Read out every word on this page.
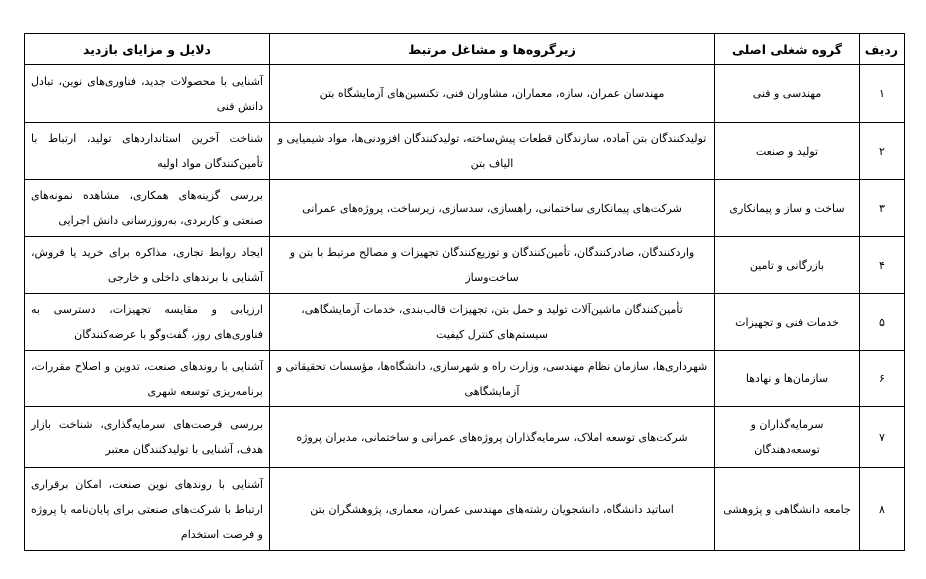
ردیف	گروه شغلی اصلی	زیرگروه‌ها و مشاغل مرتبط	دلایل و مزایای بازدید
۱	مهندسی و فنی	مهندسان عمران، سازه، معماران، مشاوران فنی، تکنسین‌های آزمایشگاه بتن	آشنایی با محصولات جدید، فناوری‌های نوین، تبادل دانش فنی
۲	تولید و صنعت	تولیدکنندگان بتن آماده، سازندگان قطعات پیش‌ساخته، تولیدکنندگان افزودنی‌ها، مواد شیمیایی و الیاف بتن	شناخت آخرین استانداردهای تولید، ارتباط با تأمین‌کنندگان مواد اولیه
۳	ساخت و ساز و پیمانکاری	شرکت‌های پیمانکاری ساختمانی، راهسازی، سدسازی، زیرساخت، پروژه‌های عمرانی	بررسی گزینه‌های همکاری، مشاهده نمونه‌های صنعتی و کاربردی، به‌روزرسانی دانش اجرایی
۴	بازرگانی و تامین	واردکنندگان، صادرکنندگان، تأمین‌کنندگان و توزیع‌کنندگان تجهیزات و مصالح مرتبط با بتن و ساخت‌وساز	ایجاد روابط تجاری، مذاکره برای خرید یا فروش، آشنایی با برندهای داخلی و خارجی
۵	خدمات فنی و تجهیزات	تأمین‌کنندگان ماشین‌آلات تولید و حمل بتن، تجهیزات قالب‌بندی، خدمات آزمایشگاهی، سیستم‌های کنترل کیفیت	ارزیابی و مقایسه تجهیزات، دسترسی به فناوری‌های روز، گفت‌وگو با عرضه‌کنندگان
۶	سازمان‌ها و نهادها	شهرداری‌ها، سازمان نظام مهندسی، وزارت راه و شهرسازی، دانشگاه‌ها، مؤسسات تحقیقاتی و آزمایشگاهی	آشنایی با روندهای صنعت، تدوین و اصلاح مقررات، برنامه‌ریزی توسعه شهری
۷	سرمایه‌گذاران و توسعه‌دهندگان	شرکت‌های توسعه املاک، سرمایه‌گذاران پروژه‌های عمرانی و ساختمانی، مدیران پروژه	بررسی فرصت‌های سرمایه‌گذاری، شناخت بازار هدف، آشنایی با تولیدکنندگان معتبر
۸	جامعه دانشگاهی و پژوهشی	اساتید دانشگاه، دانشجویان رشته‌های مهندسی عمران، معماری، پژوهشگران بتن	آشنایی با روندهای نوین صنعت، امکان برقراری ارتباط با شرکت‌های صنعتی برای پایان‌نامه یا پروژه و فرصت استخدام
